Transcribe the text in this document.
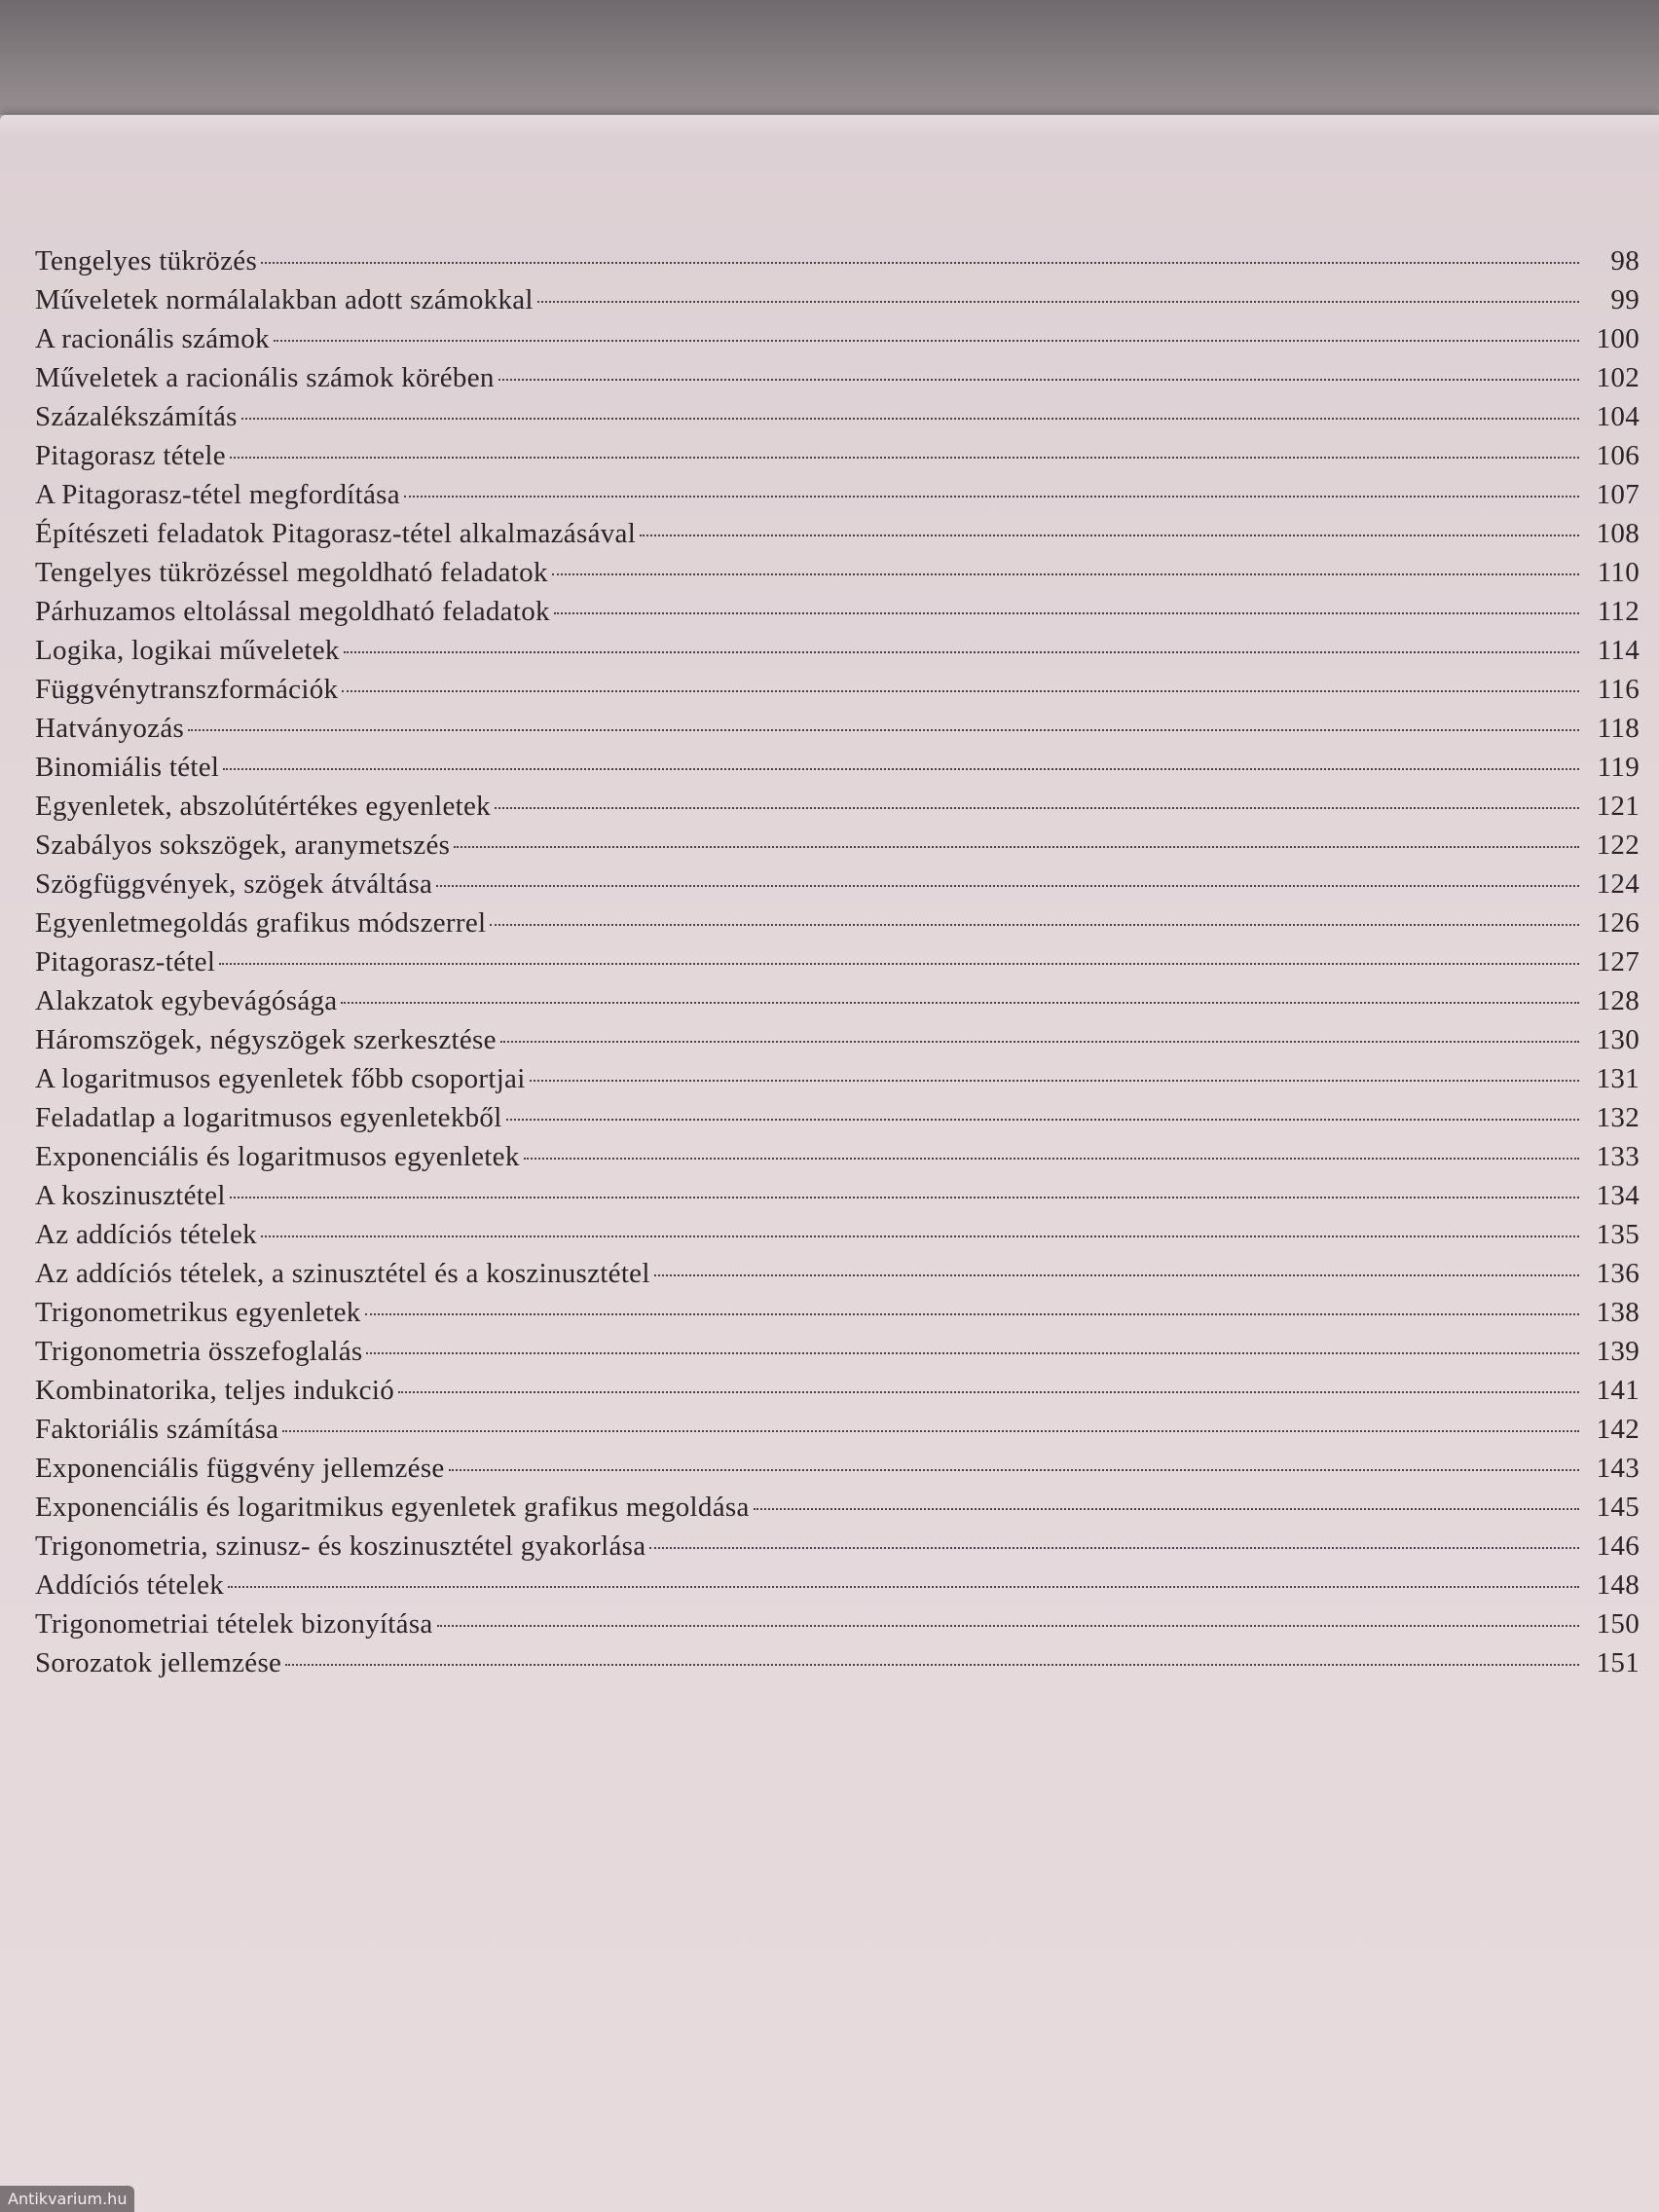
Tengelyes tükrözés	98
Műveletek normálalakban adott számokkal	99
A racionális számok	100
Műveletek a racionális számok körében	102
Százalékszámítás	104
Pitagorasz tétele	106
A Pitagorasz-tétel megfordítása	107
Építészeti feladatok Pitagorasz-tétel alkalmazásával	108
Tengelyes tükrözéssel megoldható feladatok	110
Párhuzamos eltolással megoldható feladatok	112
Logika, logikai műveletek	114
Függvénytranszformációk	116
Hatványozás	118
Binomiális tétel	119
Egyenletek, abszolútértékes egyenletek	121
Szabályos sokszögek, aranymetszés	122
Szögfüggvények, szögek átváltása	124
Egyenletmegoldás grafikus módszerrel	126
Pitagorasz-tétel	127
Alakzatok egybevágósága	128
Háromszögek, négyszögek szerkesztése	130
A logaritmusos egyenletek főbb csoportjai	131
Feladatlap a logaritmusos egyenletekből	132
Exponenciális és logaritmusos egyenletek	133
A koszinusztétel	134
Az addíciós tételek	135
Az addíciós tételek, a szinusztétel és a koszinusztétel	136
Trigonometrikus egyenletek	138
Trigonometria összefoglalás	139
Kombinatorika, teljes indukció	141
Faktoriális számítása	142
Exponenciális függvény jellemzése	143
Exponenciális és logaritmikus egyenletek grafikus megoldása	145
Trigonometria, szinusz- és koszinusztétel gyakorlása	146
Addíciós tételek	148
Trigonometriai tételek bizonyítása	150
Sorozatok jellemzése	151
Antikvarium.hu
